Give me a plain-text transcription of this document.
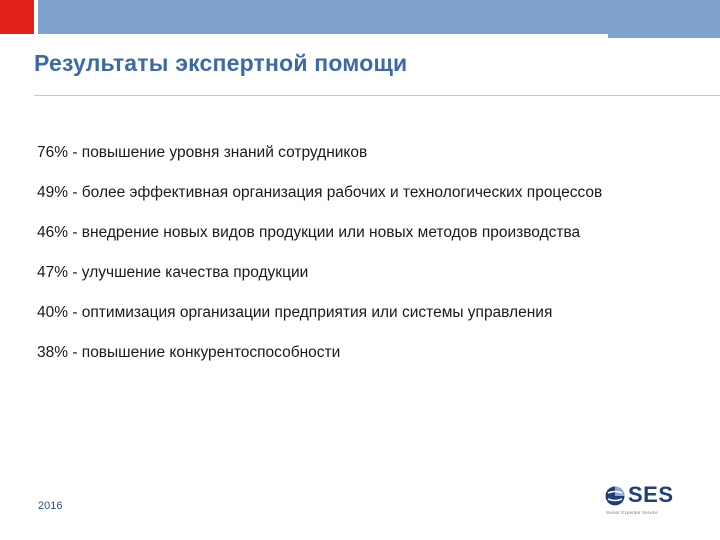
Результаты экспертной помощи
76% - повышение уровня знаний сотрудников
49% - более эффективная организация рабочих и технологических процессов
46% - внедрение новых видов продукции или новых методов производства
47% - улучшение качества продукции
40% - оптимизация организации предприятия или системы управления
38% - повышение конкурентоспособности
2016	SES
Senior Experten Service
